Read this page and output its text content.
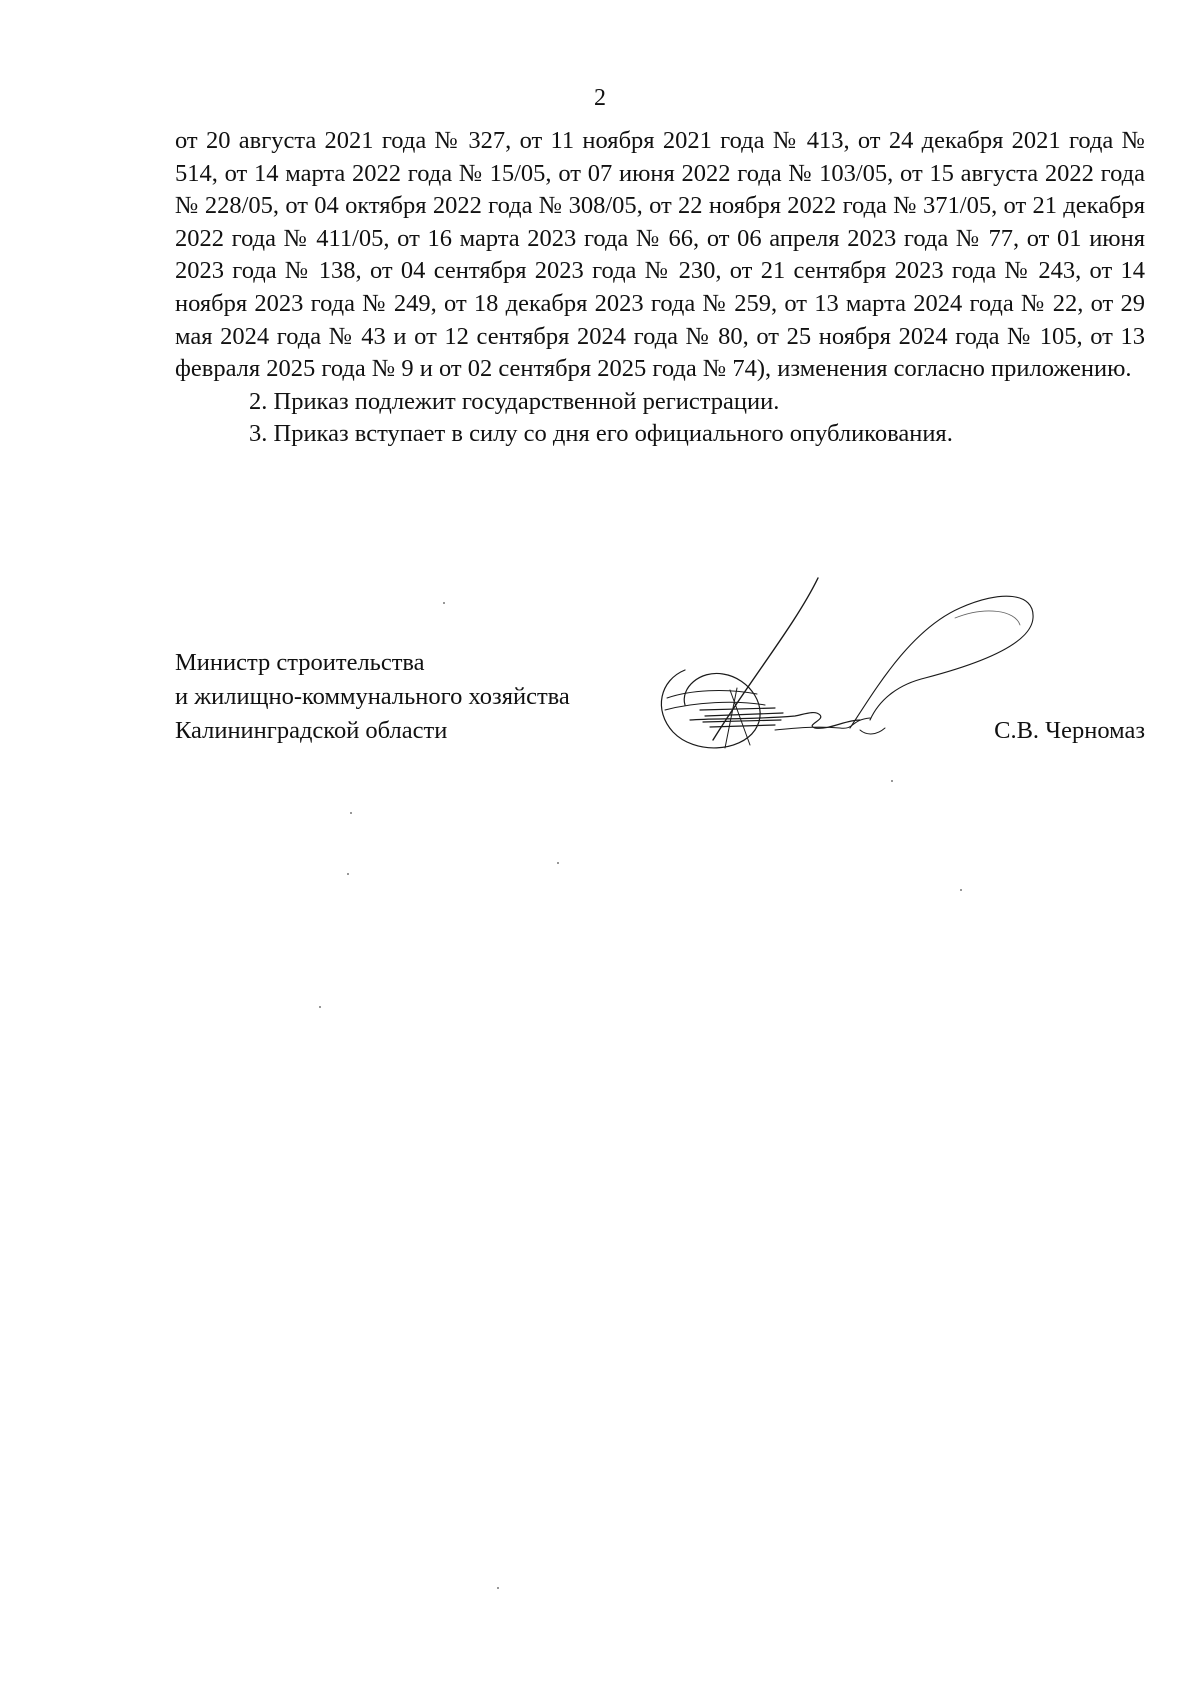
2

от 20 августа 2021 года № 327, от 11 ноября 2021 года № 413, от 24 декабря 2021 года № 514, от 14 марта 2022 года № 15/05, от 07 июня 2022 года № 103/05, от 15 августа 2022 года № 228/05, от 04 октября 2022 года № 308/05, от 22 ноября 2022 года № 371/05, от 21 декабря 2022 года № 411/05, от 16 марта 2023 года № 66, от 06 апреля 2023 года № 77, от 01 июня 2023 года № 138, от 04 сентября 2023 года № 230, от 21 сентября 2023 года № 243, от 14 ноября 2023 года № 249, от 18 декабря 2023 года № 259, от 13 марта 2024 года № 22, от 29 мая 2024 года № 43 и от 12 сентября 2024 года № 80, от 25 ноября 2024 года № 105, от 13 февраля 2025 года № 9 и от 02 сентября 2025 года № 74), изменения согласно приложению.

2. Приказ подлежит государственной регистрации.

3. Приказ вступает в силу со дня его официального опубликования.

Министр строительства
и жилищно-коммунального хозяйства
Калининградской области	С.В. Черномаз
